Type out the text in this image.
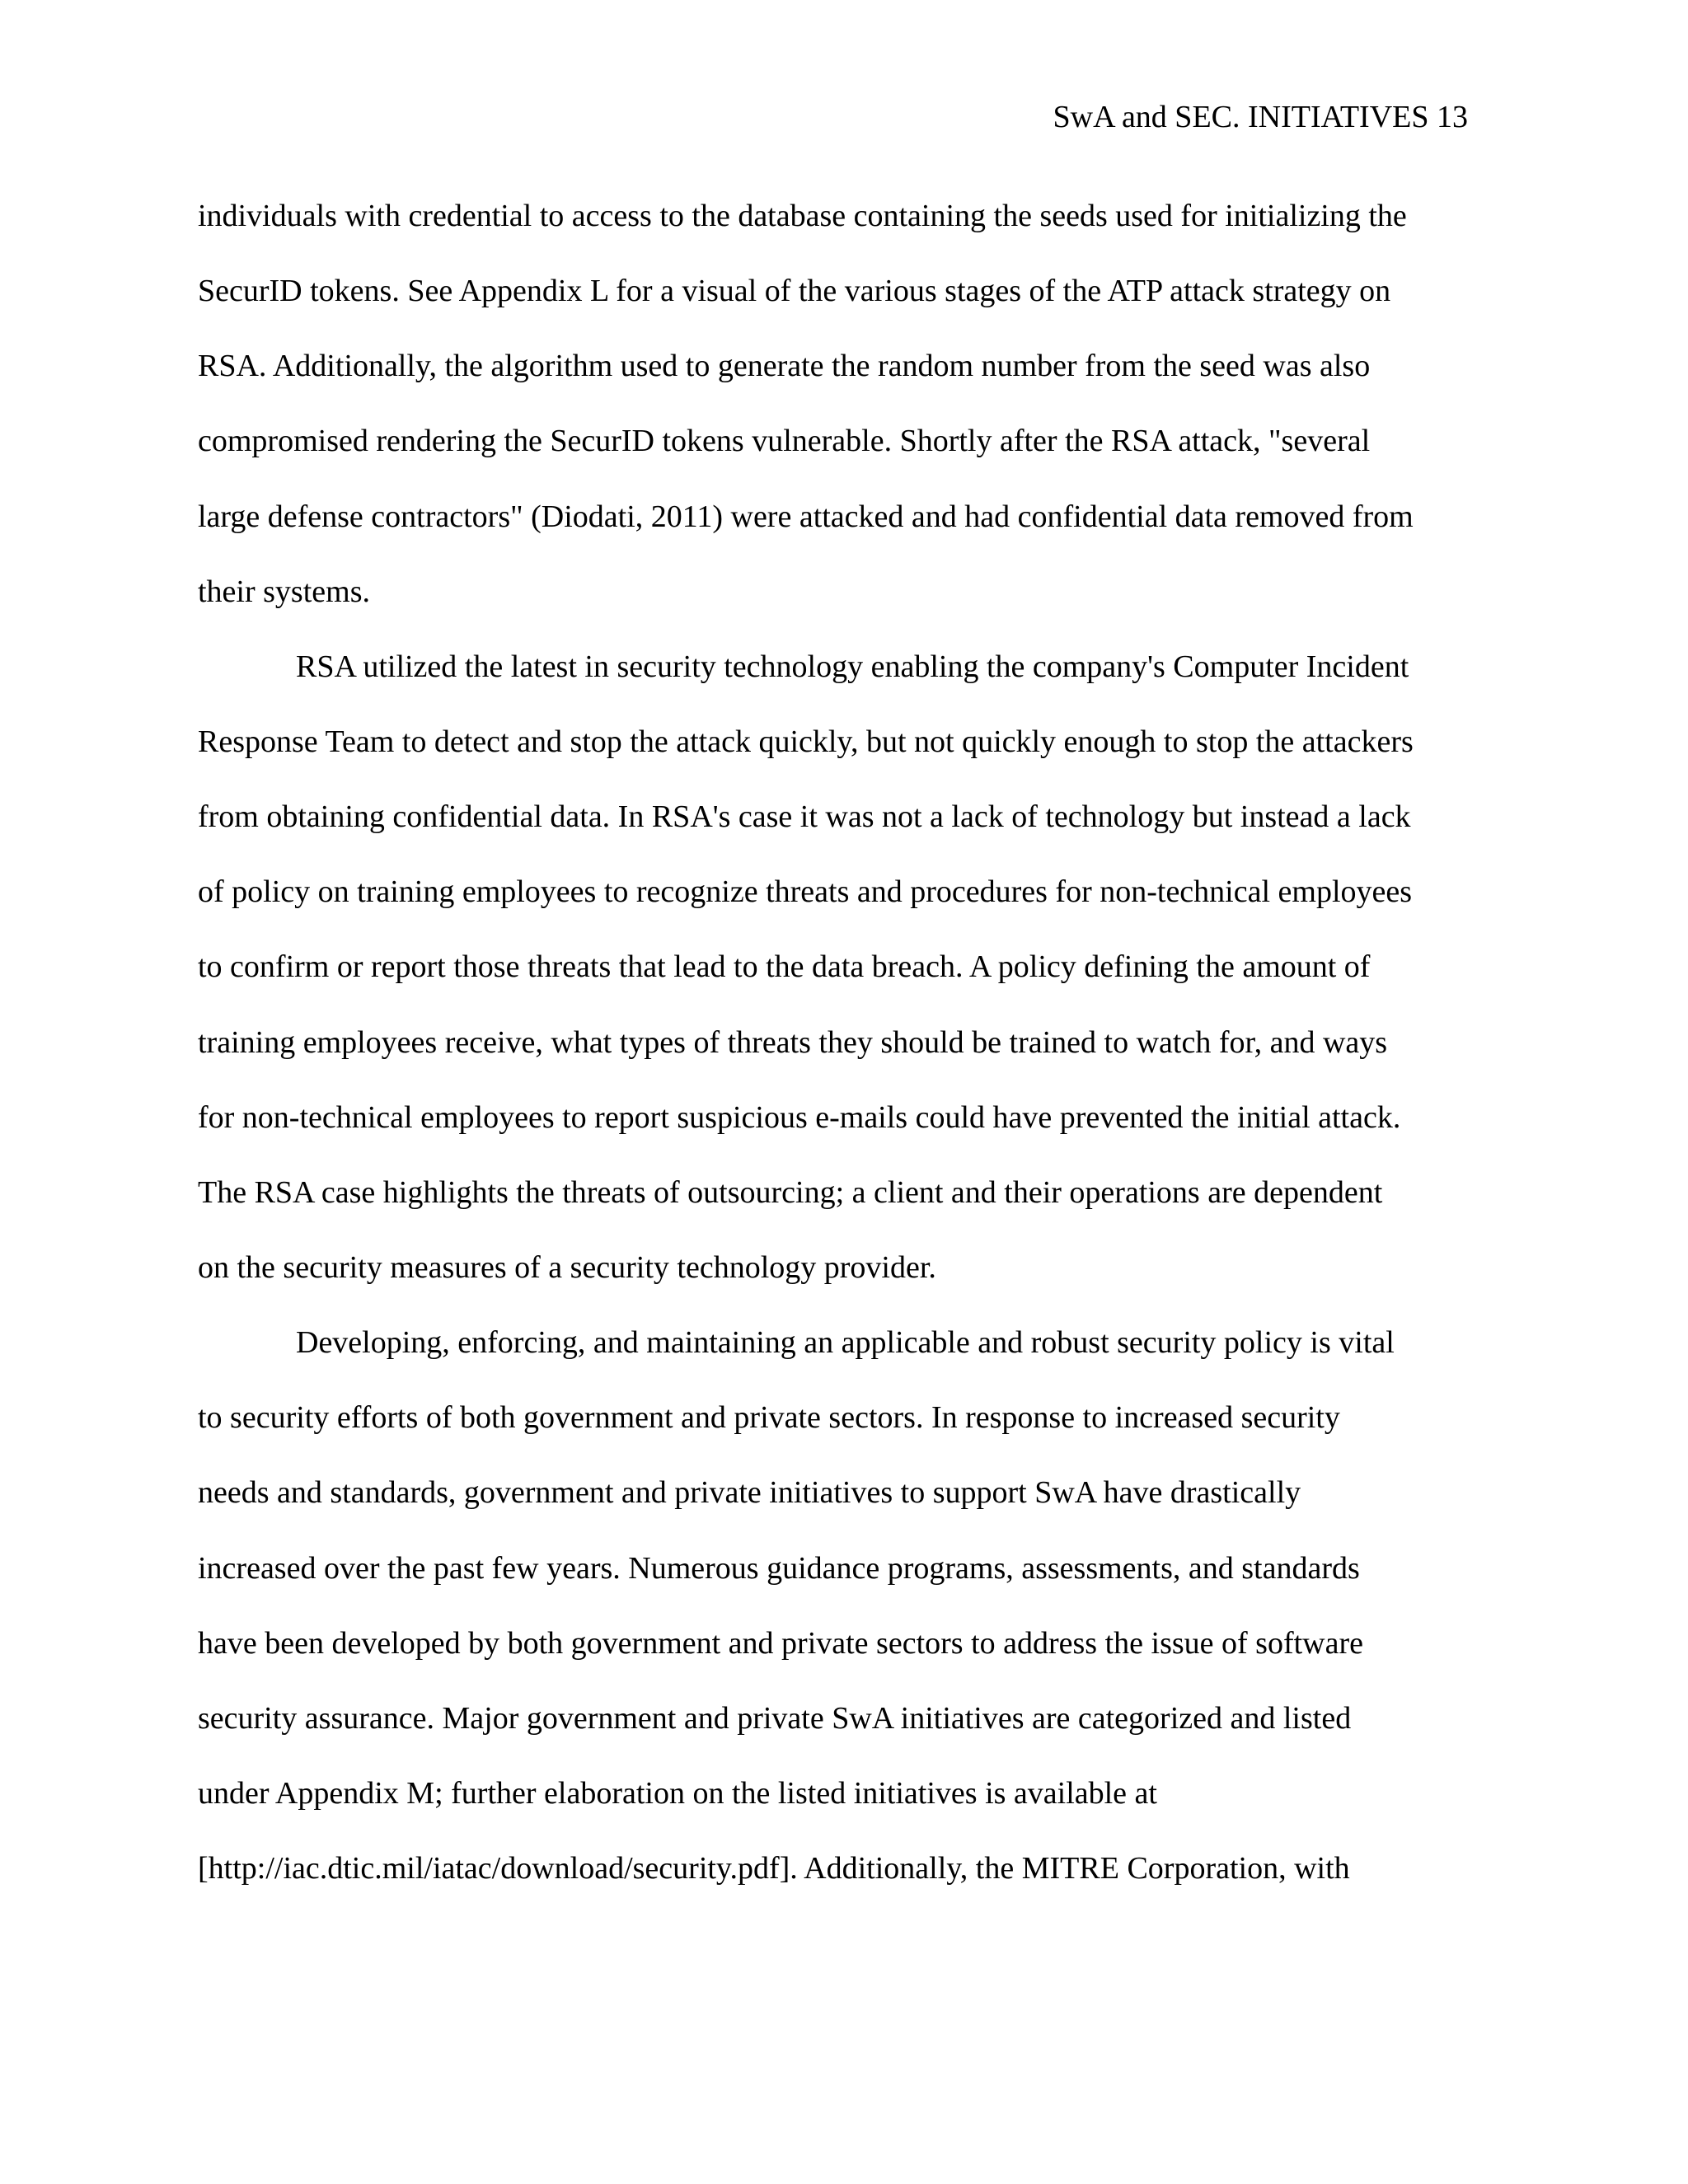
SwA and SEC. INITIATIVES 13
individuals with credential to access to the database containing the seeds used for initializing the
SecurID tokens. See Appendix L for a visual of the various stages of the ATP attack strategy on
RSA. Additionally, the algorithm used to generate the random number from the seed was also
compromised rendering the SecurID tokens vulnerable. Shortly after the RSA attack, "several
large defense contractors" (Diodati, 2011) were attacked and had confidential data removed from
their systems.
RSA utilized the latest in security technology enabling the company's Computer Incident
Response Team to detect and stop the attack quickly, but not quickly enough to stop the attackers
from obtaining confidential data. In RSA's case it was not a lack of technology but instead a lack
of policy on training employees to recognize threats and procedures for non-technical employees
to confirm or report those threats that lead to the data breach. A policy defining the amount of
training employees receive, what types of threats they should be trained to watch for, and ways
for non-technical employees to report suspicious e-mails could have prevented the initial attack.
The RSA case highlights the threats of outsourcing; a client and their operations are dependent
on the security measures of a security technology provider.
Developing, enforcing, and maintaining an applicable and robust security policy is vital
to security efforts of both government and private sectors. In response to increased security
needs and standards, government and private initiatives to support SwA have drastically
increased over the past few years. Numerous guidance programs, assessments, and standards
have been developed by both government and private sectors to address the issue of software
security assurance. Major government and private SwA initiatives are categorized and listed
under Appendix M; further elaboration on the listed initiatives is available at
[http://iac.dtic.mil/iatac/download/security.pdf]. Additionally, the MITRE Corporation, with
